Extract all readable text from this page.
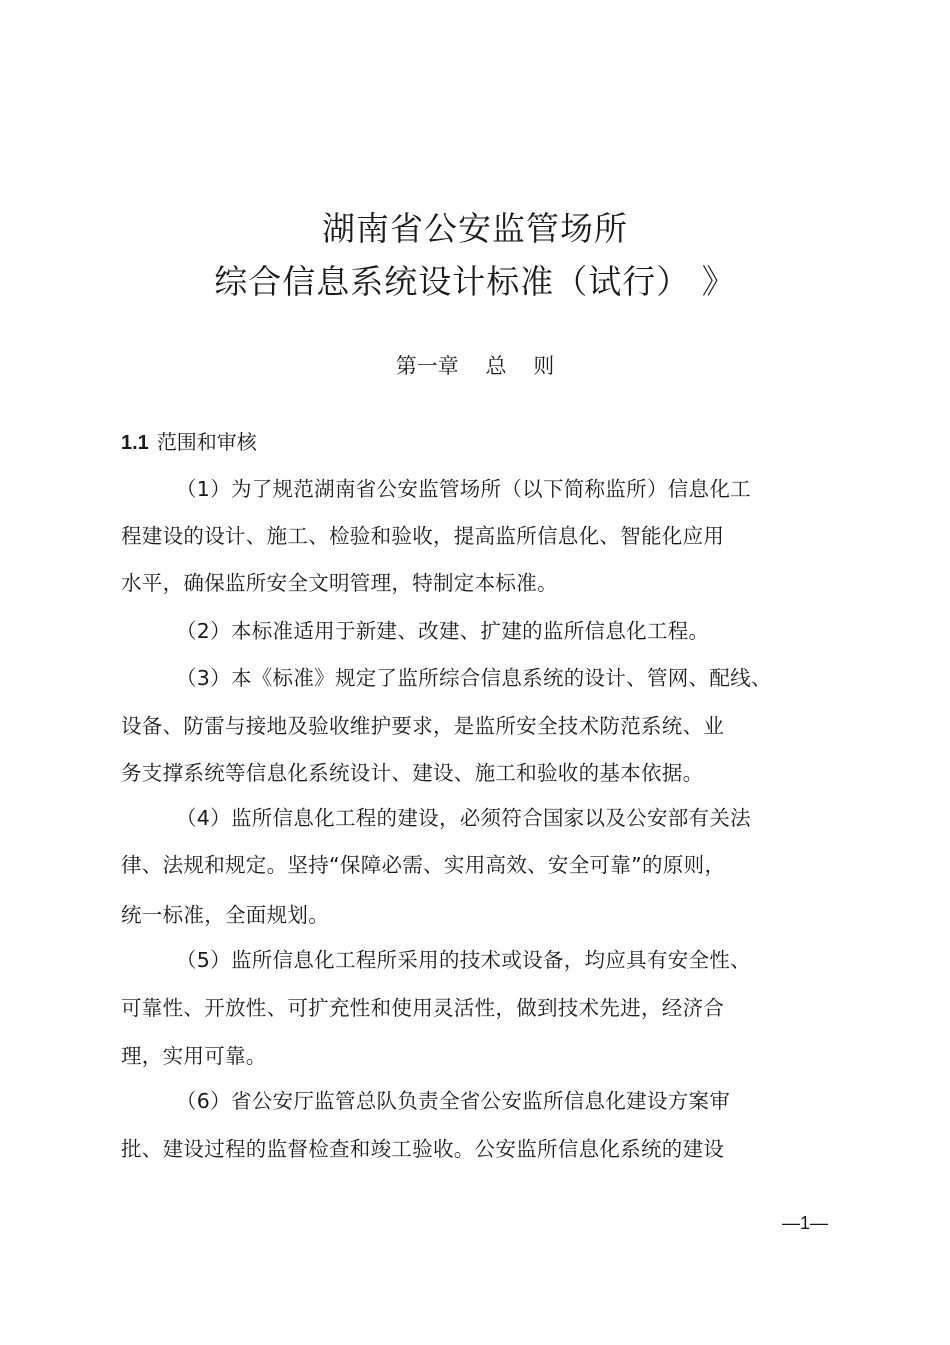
湖南省公安监管场所
综合信息系统设计标准（试行） 》
第一章    总    则
1.1 范围和审核
（1）为了规范湖南省公安监管场所（以下简称监所）信息化工
程建设的设计、施工、检验和验收，提高监所信息化、智能化应用
水平，确保监所安全文明管理，特制定本标准。
（2）本标准适用于新建、改建、扩建的监所信息化工程。
（3）本《标准》规定了监所综合信息系统的设计、管网、配线、
设备、防雷与接地及验收维护要求，是监所安全技术防范系统、业
务支撑系统等信息化系统设计、建设、施工和验收的基本依据。
（4）监所信息化工程的建设，必须符合国家以及公安部有关法
律、法规和规定。坚持“保障必需、实用高效、安全可靠”的原则，
统一标准，全面规划。
（5）监所信息化工程所采用的技术或设备，均应具有安全性、
可靠性、开放性、可扩充性和使用灵活性，做到技术先进，经济合
理，实用可靠。
（6）省公安厅监管总队负责全省公安监所信息化建设方案审
批、建设过程的监督检查和竣工验收。公安监所信息化系统的建设
—1—
